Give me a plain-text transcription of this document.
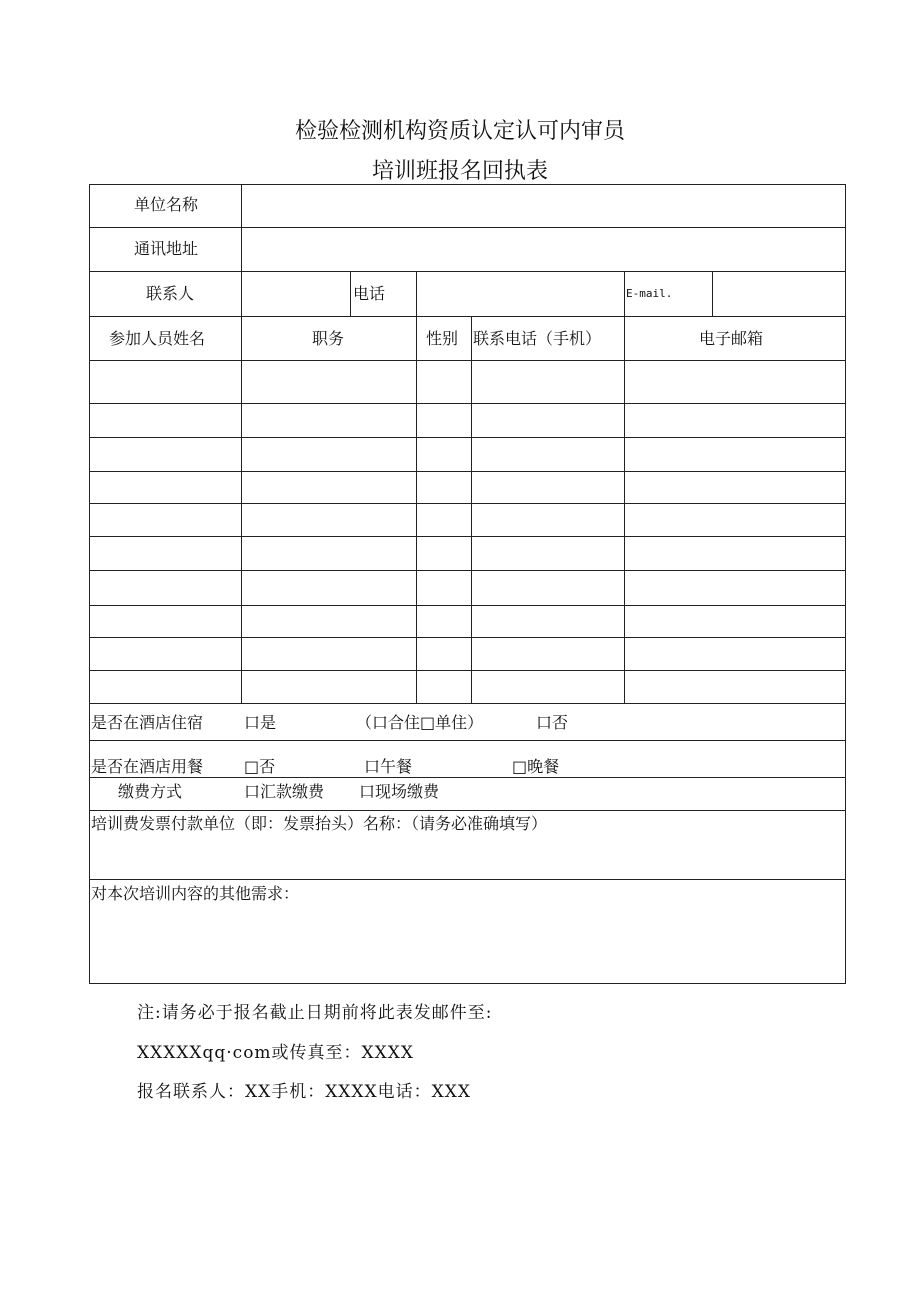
检验检测机构资质认定认可内审员
培训班报名回执表
单位名称
通讯地址
联系人	电话	E-mail.
参加人员姓名	职务	性别 联系电话（手机）	电子邮箱
是否在酒店住宿	口是	（口合住□单住）	口否
是否在酒店用餐	□否	口午餐	□晚餐
缴费方式	口汇款缴费 口现场缴费
培训费发票付款单位（即：发票抬头）名称：（请务必准确填写）
对本次培训内容的其他需求：
注:请务必于报名截止日期前将此表发邮件至:
XXXXXqq·com或传真至：XXXX
报名联系人：XX手机：XXXX电话：XXX
